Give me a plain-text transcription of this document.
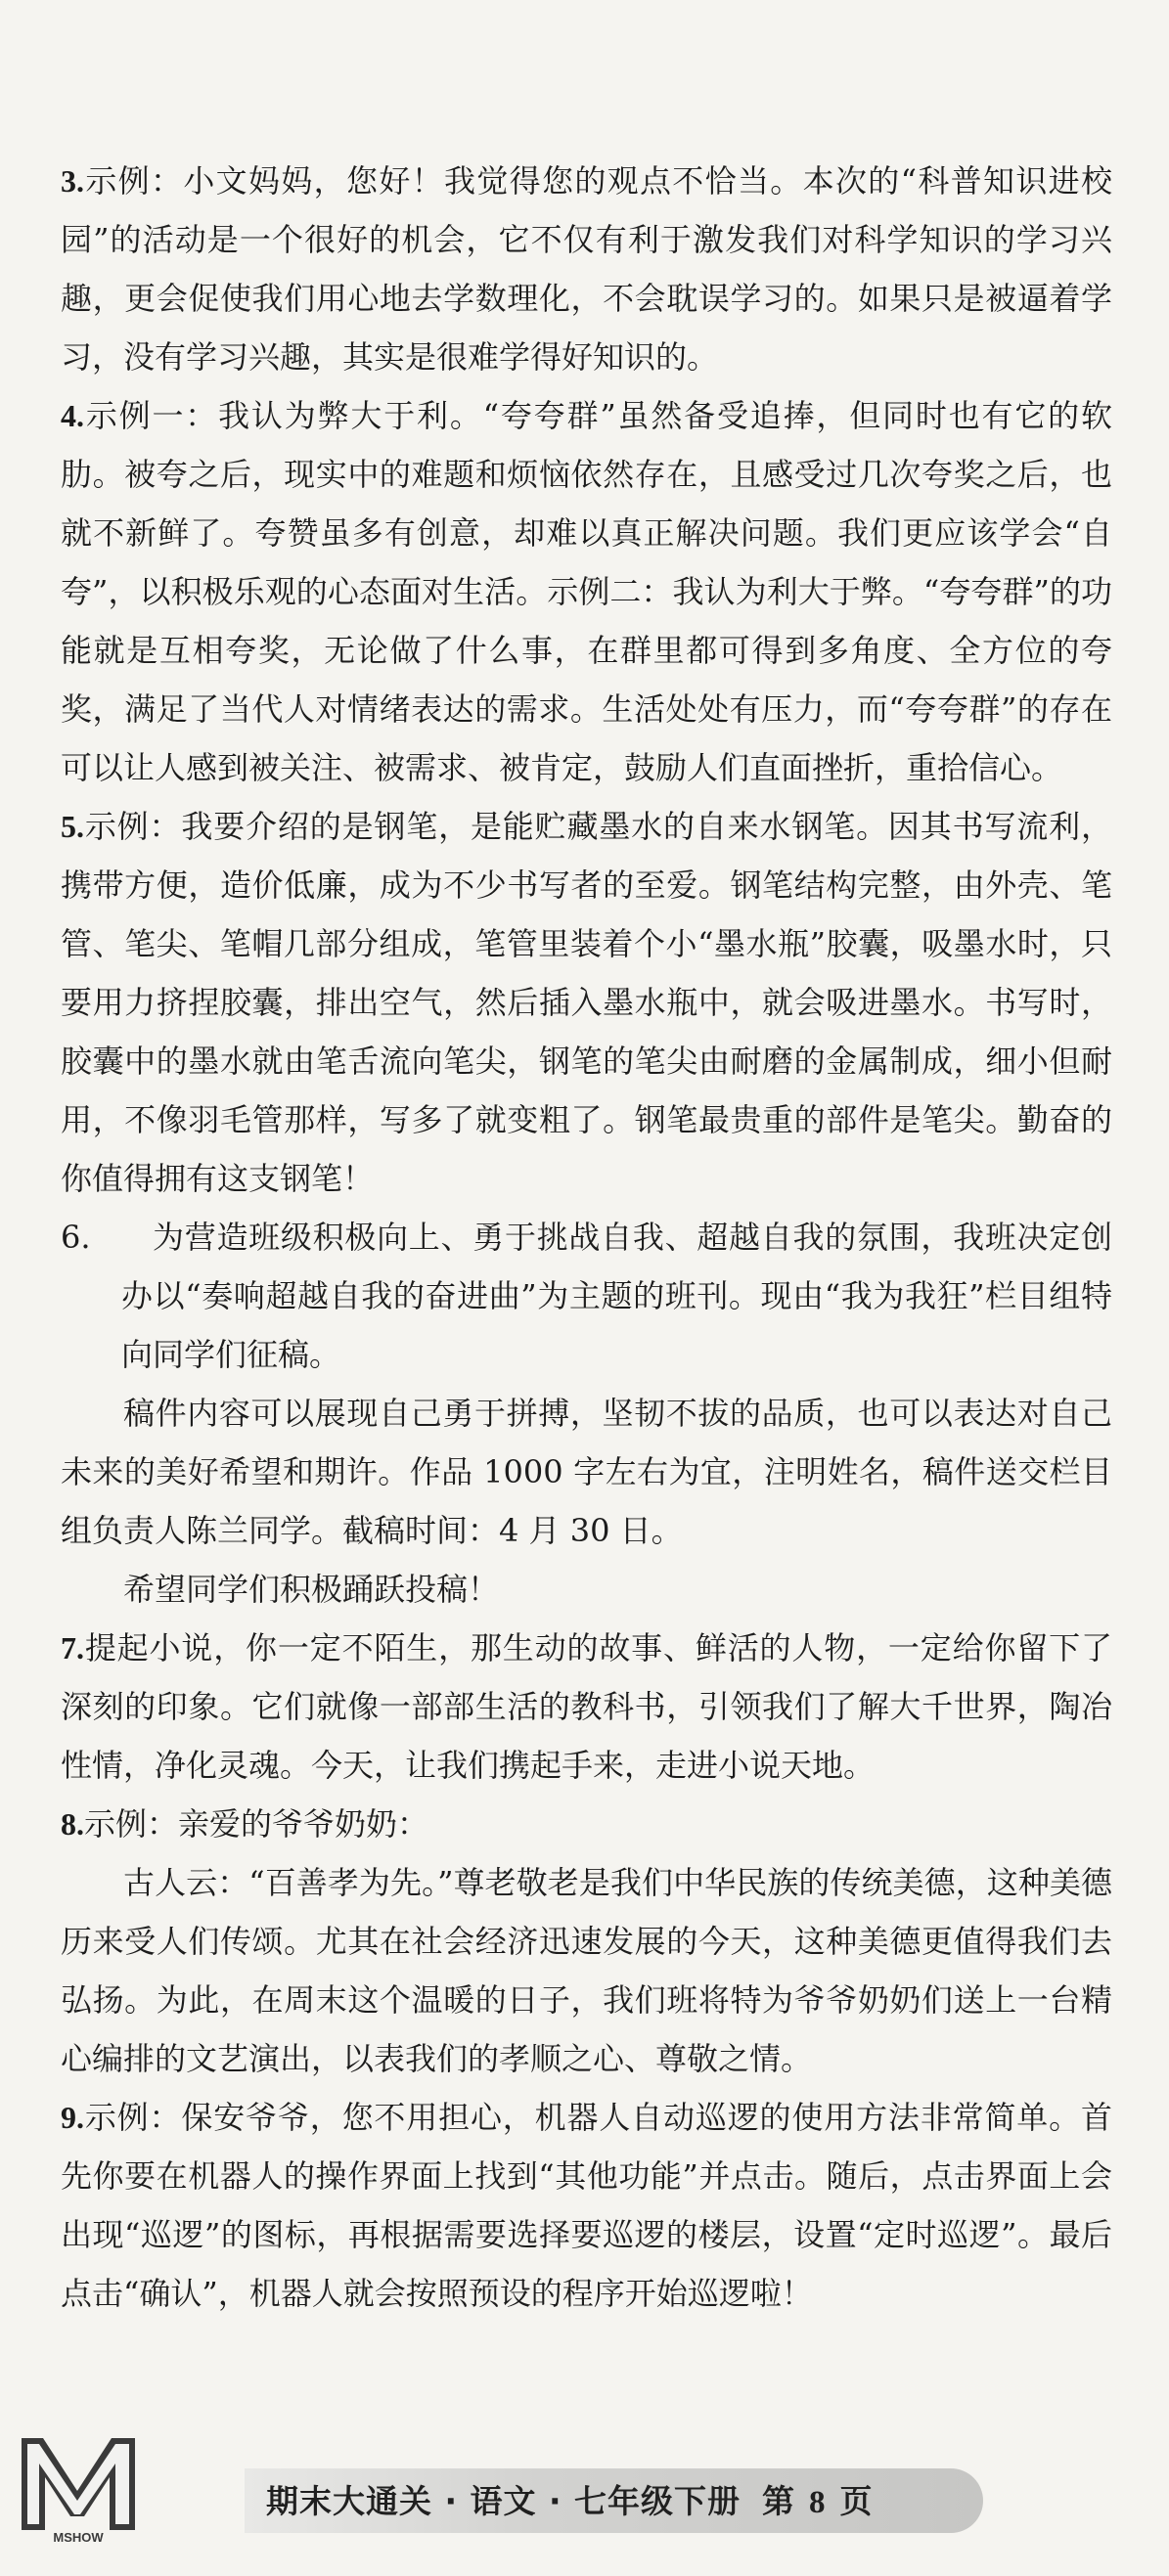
3.示例：小文妈妈，您好！我觉得您的观点不恰当。本次的“科普知识进校园”的活动是一个很好的机会，它不仅有利于激发我们对科学知识的学习兴趣，更会促使我们用心地去学数理化，不会耽误学习的。如果只是被逼着学习，没有学习兴趣，其实是很难学得好知识的。

4.示例一：我认为弊大于利。“夸夸群”虽然备受追捧，但同时也有它的软肋。被夸之后，现实中的难题和烦恼依然存在，且感受过几次夸奖之后，也就不新鲜了。夸赞虽多有创意，却难以真正解决问题。我们更应该学会“自夸”，以积极乐观的心态面对生活。示例二：我认为利大于弊。“夸夸群”的功能就是互相夸奖，无论做了什么事，在群里都可得到多角度、全方位的夸奖，满足了当代人对情绪表达的需求。生活处处有压力，而“夸夸群”的存在可以让人感到被关注、被需求、被肯定，鼓励人们直面挫折，重拾信心。

5.示例：我要介绍的是钢笔，是能贮藏墨水的自来水钢笔。因其书写流利，携带方便，造价低廉，成为不少书写者的至爱。钢笔结构完整，由外壳、笔管、笔尖、笔帽几部分组成，笔管里装着个小“墨水瓶”胶囊，吸墨水时，只要用力挤捏胶囊，排出空气，然后插入墨水瓶中，就会吸进墨水。书写时，胶囊中的墨水就由笔舌流向笔尖，钢笔的笔尖由耐磨的金属制成，细小但耐用，不像羽毛管那样，写多了就变粗了。钢笔最贵重的部件是笔尖。勤奋的你值得拥有这支钢笔！

6.	为营造班级积极向上、勇于挑战自我、超越自我的氛围，我班决定创办以“奏响超越自我的奋进曲”为主题的班刊。现由“我为我狂”栏目组特向同学们征稿。

稿件内容可以展现自己勇于拼搏，坚韧不拔的品质，也可以表达对自己未来的美好希望和期许。作品 1000 字左右为宜，注明姓名，稿件送交栏目组负责人陈兰同学。截稿时间：4 月 30 日。

希望同学们积极踊跃投稿！

7.提起小说，你一定不陌生，那生动的故事、鲜活的人物，一定给你留下了深刻的印象。它们就像一部部生活的教科书，引领我们了解大千世界，陶冶性情，净化灵魂。今天，让我们携起手来，走进小说天地。

8.示例：亲爱的爷爷奶奶：

古人云：“百善孝为先。”尊老敬老是我们中华民族的传统美德，这种美德历来受人们传颂。尤其在社会经济迅速发展的今天，这种美德更值得我们去弘扬。为此，在周末这个温暖的日子，我们班将特为爷爷奶奶们送上一台精心编排的文艺演出，以表我们的孝顺之心、尊敬之情。

9.示例：保安爷爷，您不用担心，机器人自动巡逻的使用方法非常简单。首先你要在机器人的操作界面上找到“其他功能”并点击。随后，点击界面上会出现“巡逻”的图标，再根据需要选择要巡逻的楼层，设置“定时巡逻”。最后点击“确认”，机器人就会按照预设的程序开始巡逻啦！

MSHOW
期末大通关 · 语文 · 七年级下册 第 8 页
